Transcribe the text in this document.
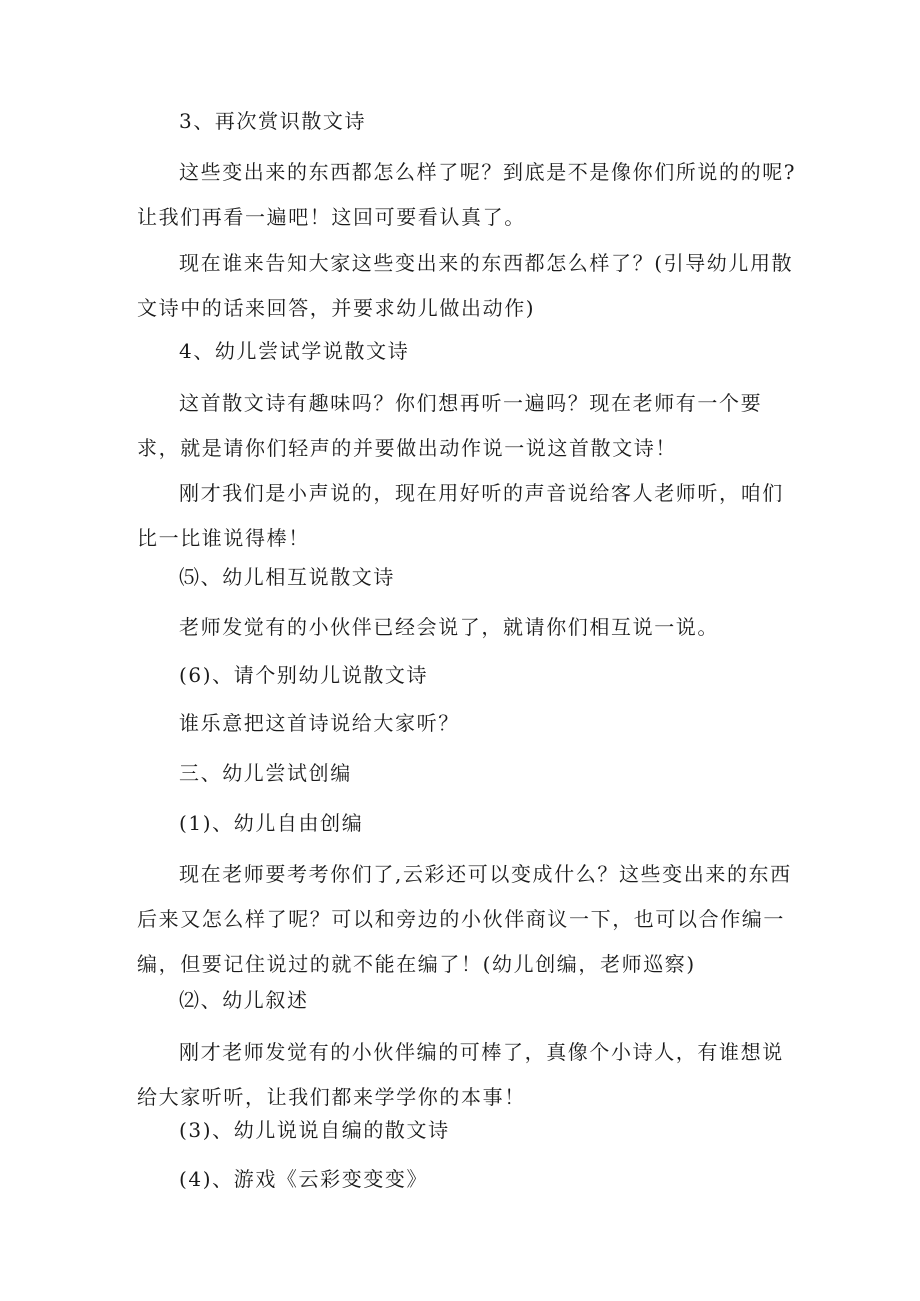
3、再次赏识散文诗

这些变出来的东西都怎么样了呢？到底是不是像你们所说的的呢?让我们再看一遍吧！这回可要看认真了。

现在谁来告知大家这些变出来的东西都怎么样了？(引导幼儿用散文诗中的话来回答，并要求幼儿做出动作)

4、幼儿尝试学说散文诗

这首散文诗有趣味吗？你们想再听一遍吗？现在老师有一个要求，就是请你们轻声的并要做出动作说一说这首散文诗！

刚才我们是小声说的，现在用好听的声音说给客人老师听，咱们比一比谁说得棒！

⑸、幼儿相互说散文诗

老师发觉有的小伙伴已经会说了，就请你们相互说一说。

(6)、请个别幼儿说散文诗

谁乐意把这首诗说给大家听？

三、幼儿尝试创编

(1)、幼儿自由创编

现在老师要考考你们了,云彩还可以变成什么？这些变出来的东西后来又怎么样了呢？可以和旁边的小伙伴商议一下，也可以合作编一编，但要记住说过的就不能在编了！(幼儿创编，老师巡察)

⑵、幼儿叙述

刚才老师发觉有的小伙伴编的可棒了，真像个小诗人，有谁想说给大家听听，让我们都来学学你的本事！

(3)、幼儿说说自编的散文诗

(4)、游戏《云彩变变变》
